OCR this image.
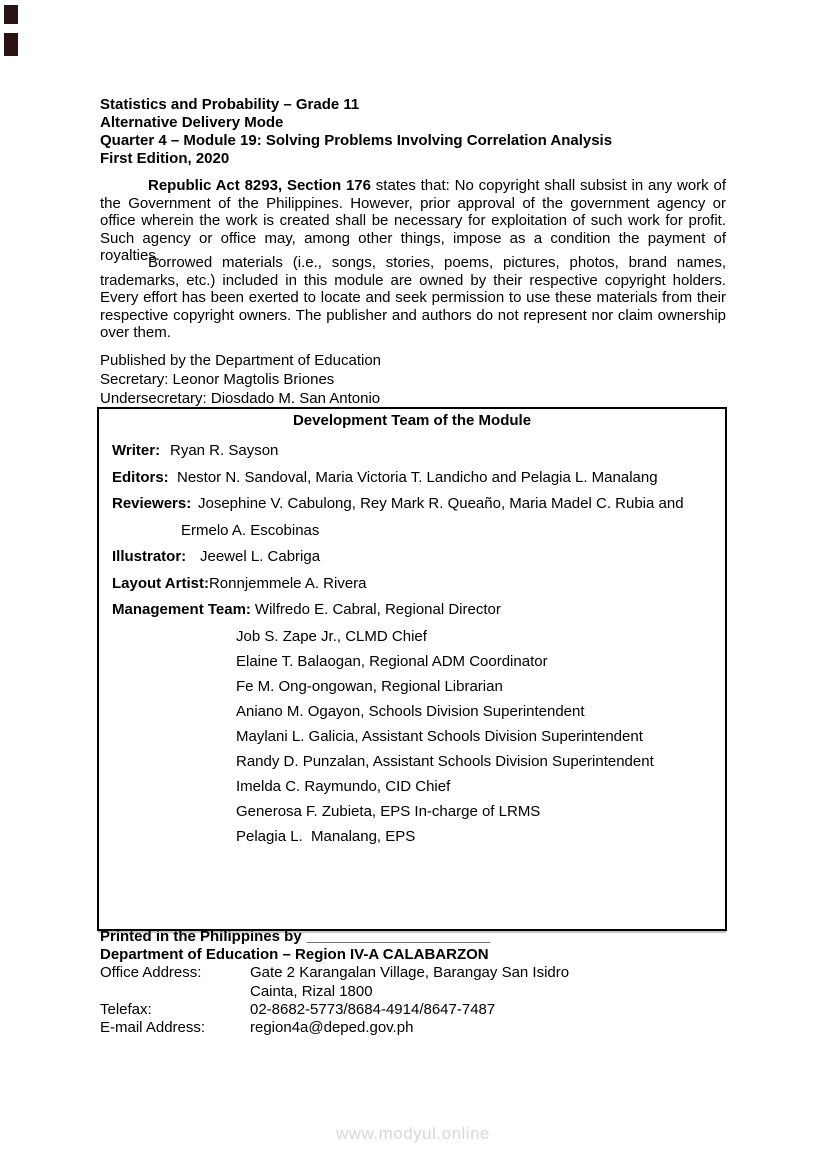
Statistics and Probability – Grade 11
Alternative Delivery Mode
Quarter 4 – Module 19: Solving Problems Involving Correlation Analysis
First Edition, 2020

Republic Act 8293, Section 176 states that: No copyright shall subsist in any work of the Government of the Philippines. However, prior approval of the government agency or office wherein the work is created shall be necessary for exploitation of such work for profit. Such agency or office may, among other things, impose as a condition the payment of royalties.

Borrowed materials (i.e., songs, stories, poems, pictures, photos, brand names, trademarks, etc.) included in this module are owned by their respective copyright holders. Every effort has been exerted to locate and seek permission to use these materials from their respective copyright owners. The publisher and authors do not represent nor claim ownership over them.

Published by the Department of Education
Secretary: Leonor Magtolis Briones
Undersecretary: Diosdado M. San Antonio
Development Team of the Module
Writer: Ryan R. Sayson
Editors: Nestor N. Sandoval, Maria Victoria T. Landicho and Pelagia L. Manalang
Reviewers: Josephine V. Cabulong, Rey Mark R. Queaño, Maria Madel C. Rubia and
Ermelo A. Escobinas
Illustrator: Jeewel L. Cabriga
Layout Artist:Ronnjemmele A. Rivera
Management Team: Wilfredo E. Cabral, Regional Director
Job S. Zape Jr., CLMD Chief
Elaine T. Balaogan, Regional ADM Coordinator
Fe M. Ong-ongowan, Regional Librarian
Aniano M. Ogayon, Schools Division Superintendent
Maylani L. Galicia, Assistant Schools Division Superintendent
Randy D. Punzalan, Assistant Schools Division Superintendent
Imelda C. Raymundo, CID Chief
Generosa F. Zubieta, EPS In-charge of LRMS
Pelagia L.  Manalang, EPS
Printed in the Philippines by ______________________
Department of Education – Region IV-A CALABARZON
Office Address:	Gate 2 Karangalan Village, Barangay San Isidro
Cainta, Rizal 1800
Telefax:	02-8682-5773/8684-4914/8647-7487
E-mail Address:	region4a@deped.gov.ph
www.modyul.online
